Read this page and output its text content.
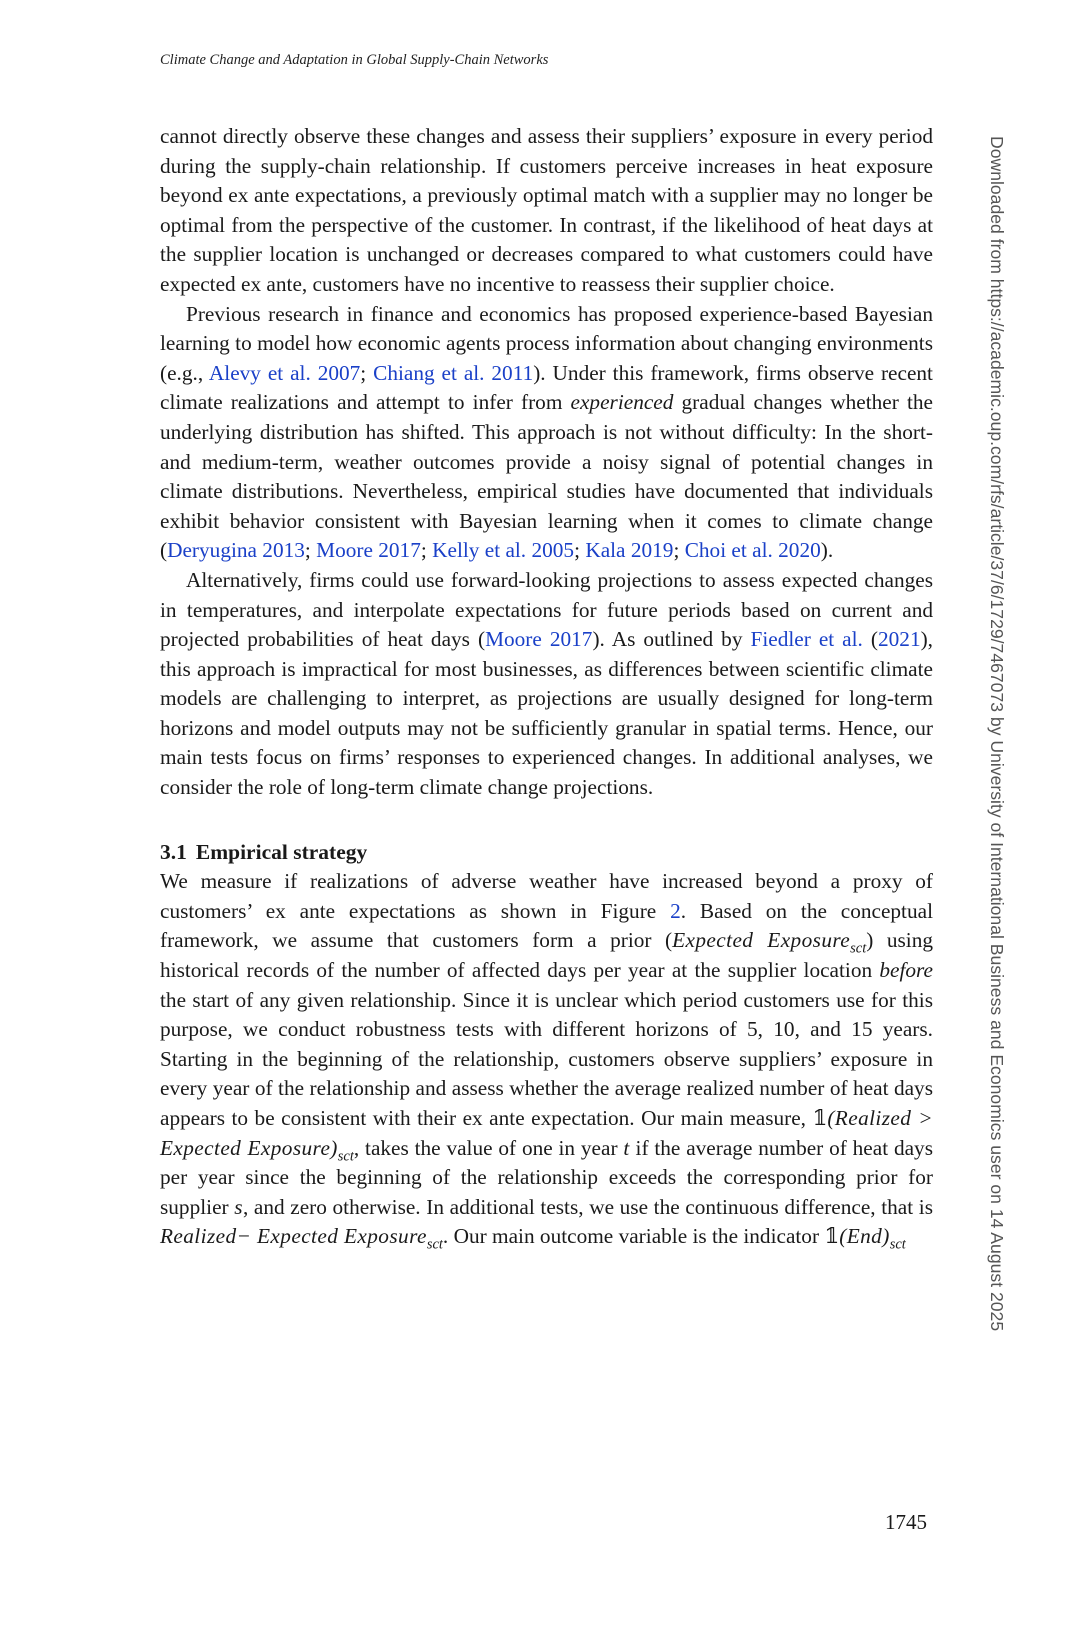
Climate Change and Adaptation in Global Supply-Chain Networks

cannot directly observe these changes and assess their suppliers’ exposure in every period during the supply-chain relationship. If customers perceive increases in heat exposure beyond ex ante expectations, a previously optimal match with a supplier may no longer be optimal from the perspective of the customer. In contrast, if the likelihood of heat days at the supplier location is unchanged or decreases compared to what customers could have expected ex ante, customers have no incentive to reassess their supplier choice.

Previous research in finance and economics has proposed experience-based Bayesian learning to model how economic agents process information about changing environments (e.g., Alevy et al. 2007; Chiang et al. 2011). Under this framework, firms observe recent climate realizations and attempt to infer from experienced gradual changes whether the underlying distribution has shifted. This approach is not without difficulty: In the short- and medium-term, weather outcomes provide a noisy signal of potential changes in climate distributions. Nevertheless, empirical studies have documented that individuals exhibit behavior consistent with Bayesian learning when it comes to climate change (Deryugina 2013; Moore 2017; Kelly et al. 2005; Kala 2019; Choi et al. 2020).

Alternatively, firms could use forward-looking projections to assess expected changes in temperatures, and interpolate expectations for future periods based on current and projected probabilities of heat days (Moore 2017). As outlined by Fiedler et al. (2021), this approach is impractical for most businesses, as differences between scientific climate models are challenging to interpret, as projections are usually designed for long-term horizons and model outputs may not be sufficiently granular in spatial terms. Hence, our main tests focus on firms’ responses to experienced changes. In additional analyses, we consider the role of long-term climate change projections.

3.1 Empirical strategy

We measure if realizations of adverse weather have increased beyond a proxy of customers’ ex ante expectations as shown in Figure 2. Based on the conceptual framework, we assume that customers form a prior (Expected Exposure$_{sct}$) using historical records of the number of affected days per year at the supplier location before the start of any given relationship. Since it is unclear which period customers use for this purpose, we conduct robustness tests with different horizons of 5, 10, and 15 years. Starting in the beginning of the relationship, customers observe suppliers’ exposure in every year of the relationship and assess whether the average realized number of heat days appears to be consistent with their ex ante expectation. Our main measure, 𝟙(Realized > Expected $Exposure)_{sct}$, takes the value of one in year t if the average number of heat days per year since the beginning of the relationship exceeds the corresponding prior for supplier s, and zero otherwise. In additional tests, we use the continuous difference, that is Realized− Expected Exposure$_{sct}$. Our main outcome variable is the indicator $𝟙(End)_{sct}$

1745
Downloaded from https://academic.oup.com/rfs/article/37/6/1729/7467073 by University of International Business and Economics user on 14 August 2025
